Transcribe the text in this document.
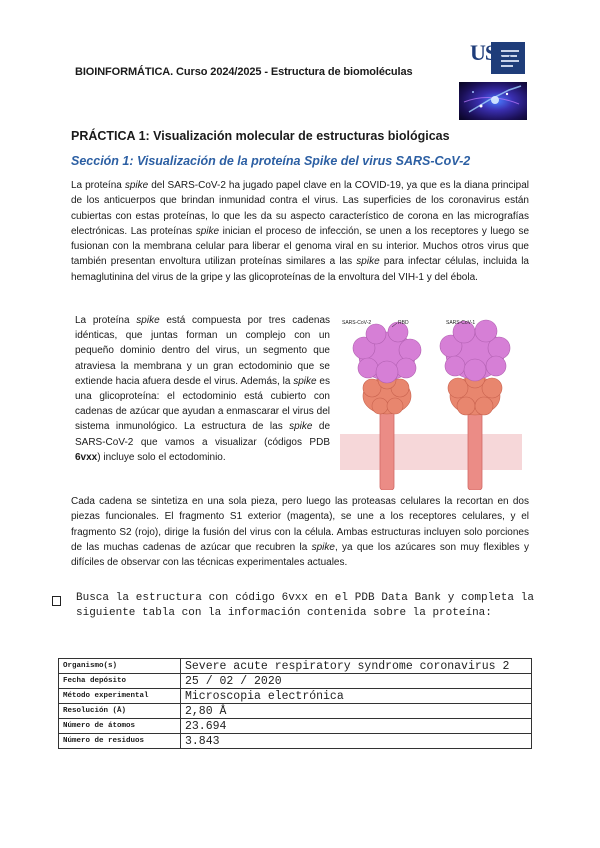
BIOINFORMÁTICA. Curso 2024/2025 - Estructura de biomoléculas
USC
PRÁCTICA 1: Visualización molecular de estructuras biológicas
Sección 1: Visualización de la proteína Spike del virus SARS-CoV-2
La proteína spike del SARS-CoV-2 ha jugado papel clave en la COVID-19, ya que es la diana principal de los anticuerpos que brindan inmunidad contra el virus. Las superficies de los coronavirus están cubiertas con estas proteínas, lo que les da su aspecto característico de corona en las micrografías electrónicas. Las proteínas spike inician el proceso de infección, se unen a los receptores y luego se fusionan con la membrana celular para liberar el genoma viral en su interior. Muchos otros virus que también presentan envoltura utilizan proteínas similares a las spike para infectar células, incluida la hemaglutinina del virus de la gripe y las glicoproteínas de la envoltura del VIH-1 y del ébola.
La proteína spike está compuesta por tres cadenas idénticas, que juntas forman un complejo con un pequeño dominio dentro del virus, un segmento que atraviesa la membrana y un gran ectodominio que se extiende hacia afuera desde el virus. Además, la spike es una glicoproteína: el ectodominio está cubierto con cadenas de azúcar que ayudan a enmascarar el virus del sistema inmunológico. La estructura de las spike de SARS-CoV-2 que vamos a visualizar (códigos PDB 6vxx) incluye solo el ectodominio.
SARS-CoV-2	RBD	SARS-CoV-1
Cada cadena se sintetiza en una sola pieza, pero luego las proteasas celulares la recortan en dos piezas funcionales. El fragmento S1 exterior (magenta), se une a los receptores celulares, y el fragmento S2 (rojo), dirige la fusión del virus con la célula. Ambas estructuras incluyen solo porciones de las muchas cadenas de azúcar que recubren la spike, ya que los azúcares son muy flexibles y difíciles de observar con las técnicas experimentales actuales.
Busca la estructura con código 6vxx en el PDB Data Bank y completa la siguiente tabla con la información contenida sobre la proteína:
Organismo(s)	Severe acute respiratory syndrome coronavirus 2
Fecha depósito	25 / 02 / 2020
Método experimental	Microscopia electrónica
Resolución (Å)	2,80 Å
Número de átomos	23.694
Número de residuos	3.843
